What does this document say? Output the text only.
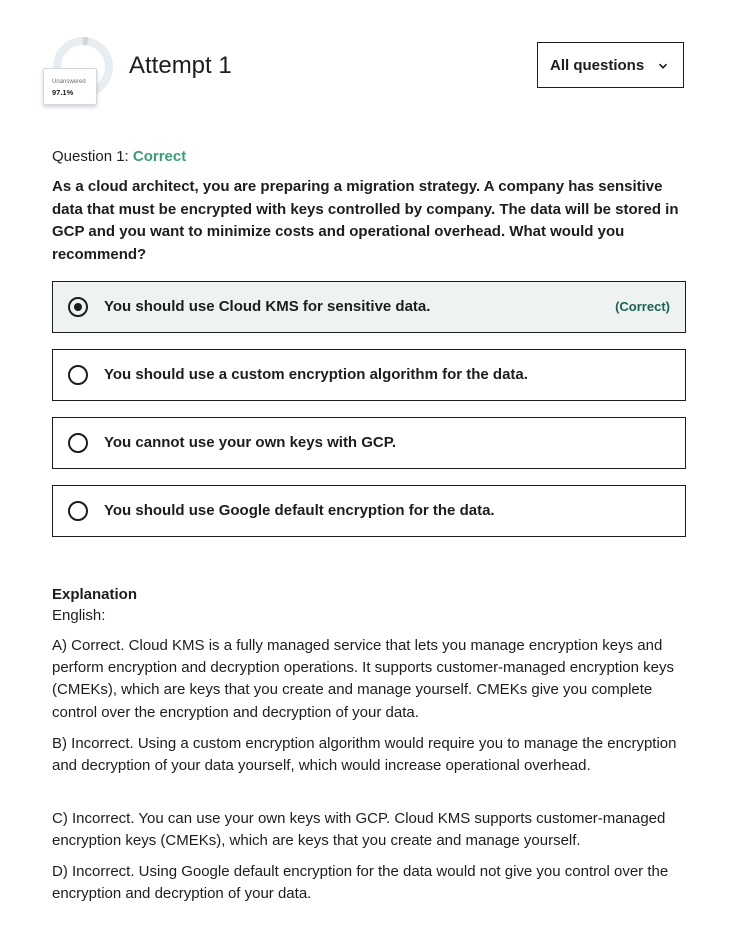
Unanswered
97.1%
Attempt 1	All questions
Question 1: Correct
As a cloud architect, you are preparing a migration strategy. A company has sensitive data that must be encrypted with keys controlled by company. The data will be stored in GCP and you want to minimize costs and operational overhead. What would you recommend?
You should use Cloud KMS for sensitive data.	(Correct)
You should use a custom encryption algorithm for the data.
You cannot use your own keys with GCP.
You should use Google default encryption for the data.
Explanation
English:
A) Correct. Cloud KMS is a fully managed service that lets you manage encryption keys and perform encryption and decryption operations. It supports customer-managed encryption keys (CMEKs), which are keys that you create and manage yourself. CMEKs give you complete control over the encryption and decryption of your data.
B) Incorrect. Using a custom encryption algorithm would require you to manage the encryption and decryption of your data yourself, which would increase operational overhead.
C) Incorrect. You can use your own keys with GCP. Cloud KMS supports customer-managed encryption keys (CMEKs), which are keys that you create and manage yourself.
D) Incorrect. Using Google default encryption for the data would not give you control over the encryption and decryption of your data.
